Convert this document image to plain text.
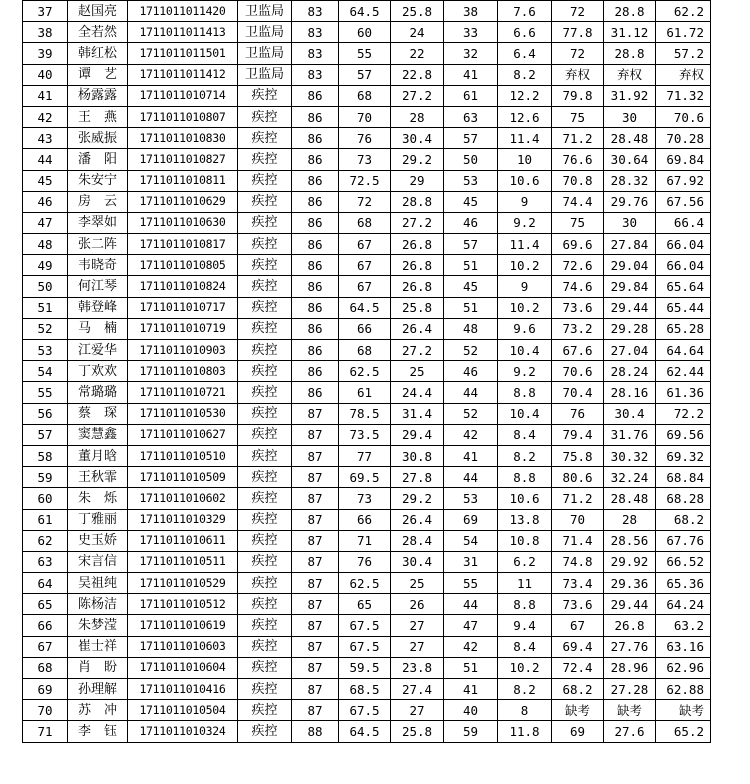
37	赵国亮	1711011011420	卫监局	83	64.5	25.8	38	7.6	72	28.8	62.2
38	全若然	1711011011413	卫监局	83	60	24	33	6.6	77.8	31.12	61.72
39	韩红松	1711011011501	卫监局	83	55	22	32	6.4	72	28.8	57.2
40	谭　艺	1711011011412	卫监局	83	57	22.8	41	8.2	弃权	弃权	弃权
41	杨露露	1711011010714	疾控	86	68	27.2	61	12.2	79.8	31.92	71.32
42	王　燕	1711011010807	疾控	86	70	28	63	12.6	75	30	70.6
43	张威振	1711011010830	疾控	86	76	30.4	57	11.4	71.2	28.48	70.28
44	潘　阳	1711011010827	疾控	86	73	29.2	50	10	76.6	30.64	69.84
45	朱安宁	1711011010811	疾控	86	72.5	29	53	10.6	70.8	28.32	67.92
46	房　云	1711011010629	疾控	86	72	28.8	45	9	74.4	29.76	67.56
47	李翠如	1711011010630	疾控	86	68	27.2	46	9.2	75	30	66.4
48	张二阵	1711011010817	疾控	86	67	26.8	57	11.4	69.6	27.84	66.04
49	韦晓奇	1711011010805	疾控	86	67	26.8	51	10.2	72.6	29.04	66.04
50	何江琴	1711011010824	疾控	86	67	26.8	45	9	74.6	29.84	65.64
51	韩登峰	1711011010717	疾控	86	64.5	25.8	51	10.2	73.6	29.44	65.44
52	马　楠	1711011010719	疾控	86	66	26.4	48	9.6	73.2	29.28	65.28
53	江爱华	1711011010903	疾控	86	68	27.2	52	10.4	67.6	27.04	64.64
54	丁欢欢	1711011010803	疾控	86	62.5	25	46	9.2	70.6	28.24	62.44
55	常璐璐	1711011010721	疾控	86	61	24.4	44	8.8	70.4	28.16	61.36
56	蔡　琛	1711011010530	疾控	87	78.5	31.4	52	10.4	76	30.4	72.2
57	窦慧鑫	1711011010627	疾控	87	73.5	29.4	42	8.4	79.4	31.76	69.56
58	董月晗	1711011010510	疾控	87	77	30.8	41	8.2	75.8	30.32	69.32
59	王秋霏	1711011010509	疾控	87	69.5	27.8	44	8.8	80.6	32.24	68.84
60	朱　烁	1711011010602	疾控	87	73	29.2	53	10.6	71.2	28.48	68.28
61	丁雅丽	1711011010329	疾控	87	66	26.4	69	13.8	70	28	68.2
62	史玉娇	1711011010611	疾控	87	71	28.4	54	10.8	71.4	28.56	67.76
63	宋言信	1711011010511	疾控	87	76	30.4	31	6.2	74.8	29.92	66.52
64	吴祖纯	1711011010529	疾控	87	62.5	25	55	11	73.4	29.36	65.36
65	陈杨洁	1711011010512	疾控	87	65	26	44	8.8	73.6	29.44	64.24
66	朱梦滢	1711011010619	疾控	87	67.5	27	47	9.4	67	26.8	63.2
67	崔士祥	1711011010603	疾控	87	67.5	27	42	8.4	69.4	27.76	63.16
68	肖　盼	1711011010604	疾控	87	59.5	23.8	51	10.2	72.4	28.96	62.96
69	孙理解	1711011010416	疾控	87	68.5	27.4	41	8.2	68.2	27.28	62.88
70	苏　冲	1711011010504	疾控	87	67.5	27	40	8	缺考	缺考	缺考
71	李　钰	1711011010324	疾控	88	64.5	25.8	59	11.8	69	27.6	65.2
